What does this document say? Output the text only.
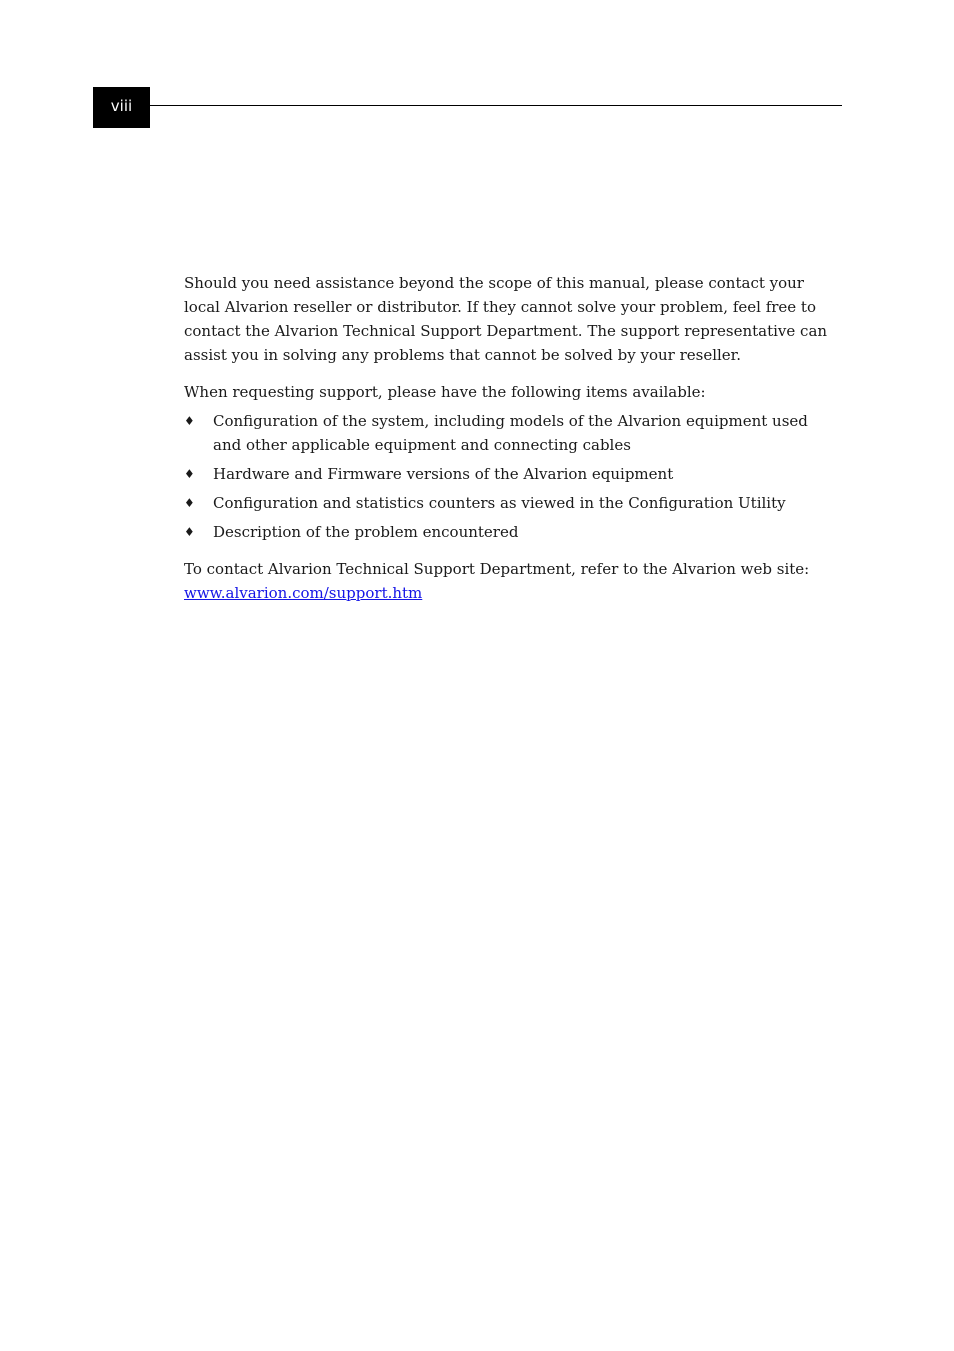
viii

Should you need assistance beyond the scope of this manual, please contact your local Alvarion reseller or distributor. If they cannot solve your problem, feel free to contact the Alvarion Technical Support Department. The support representative can assist you in solving any problems that cannot be solved by your reseller.

When requesting support, please have the following items available:

♦ Configuration of the system, including models of the Alvarion equipment used and other applicable equipment and connecting cables
♦ Hardware and Firmware versions of the Alvarion equipment
♦ Configuration and statistics counters as viewed in the Configuration Utility
♦ Description of the problem encountered

To contact Alvarion Technical Support Department, refer to the Alvarion web site:
www.alvarion.com/support.htm
